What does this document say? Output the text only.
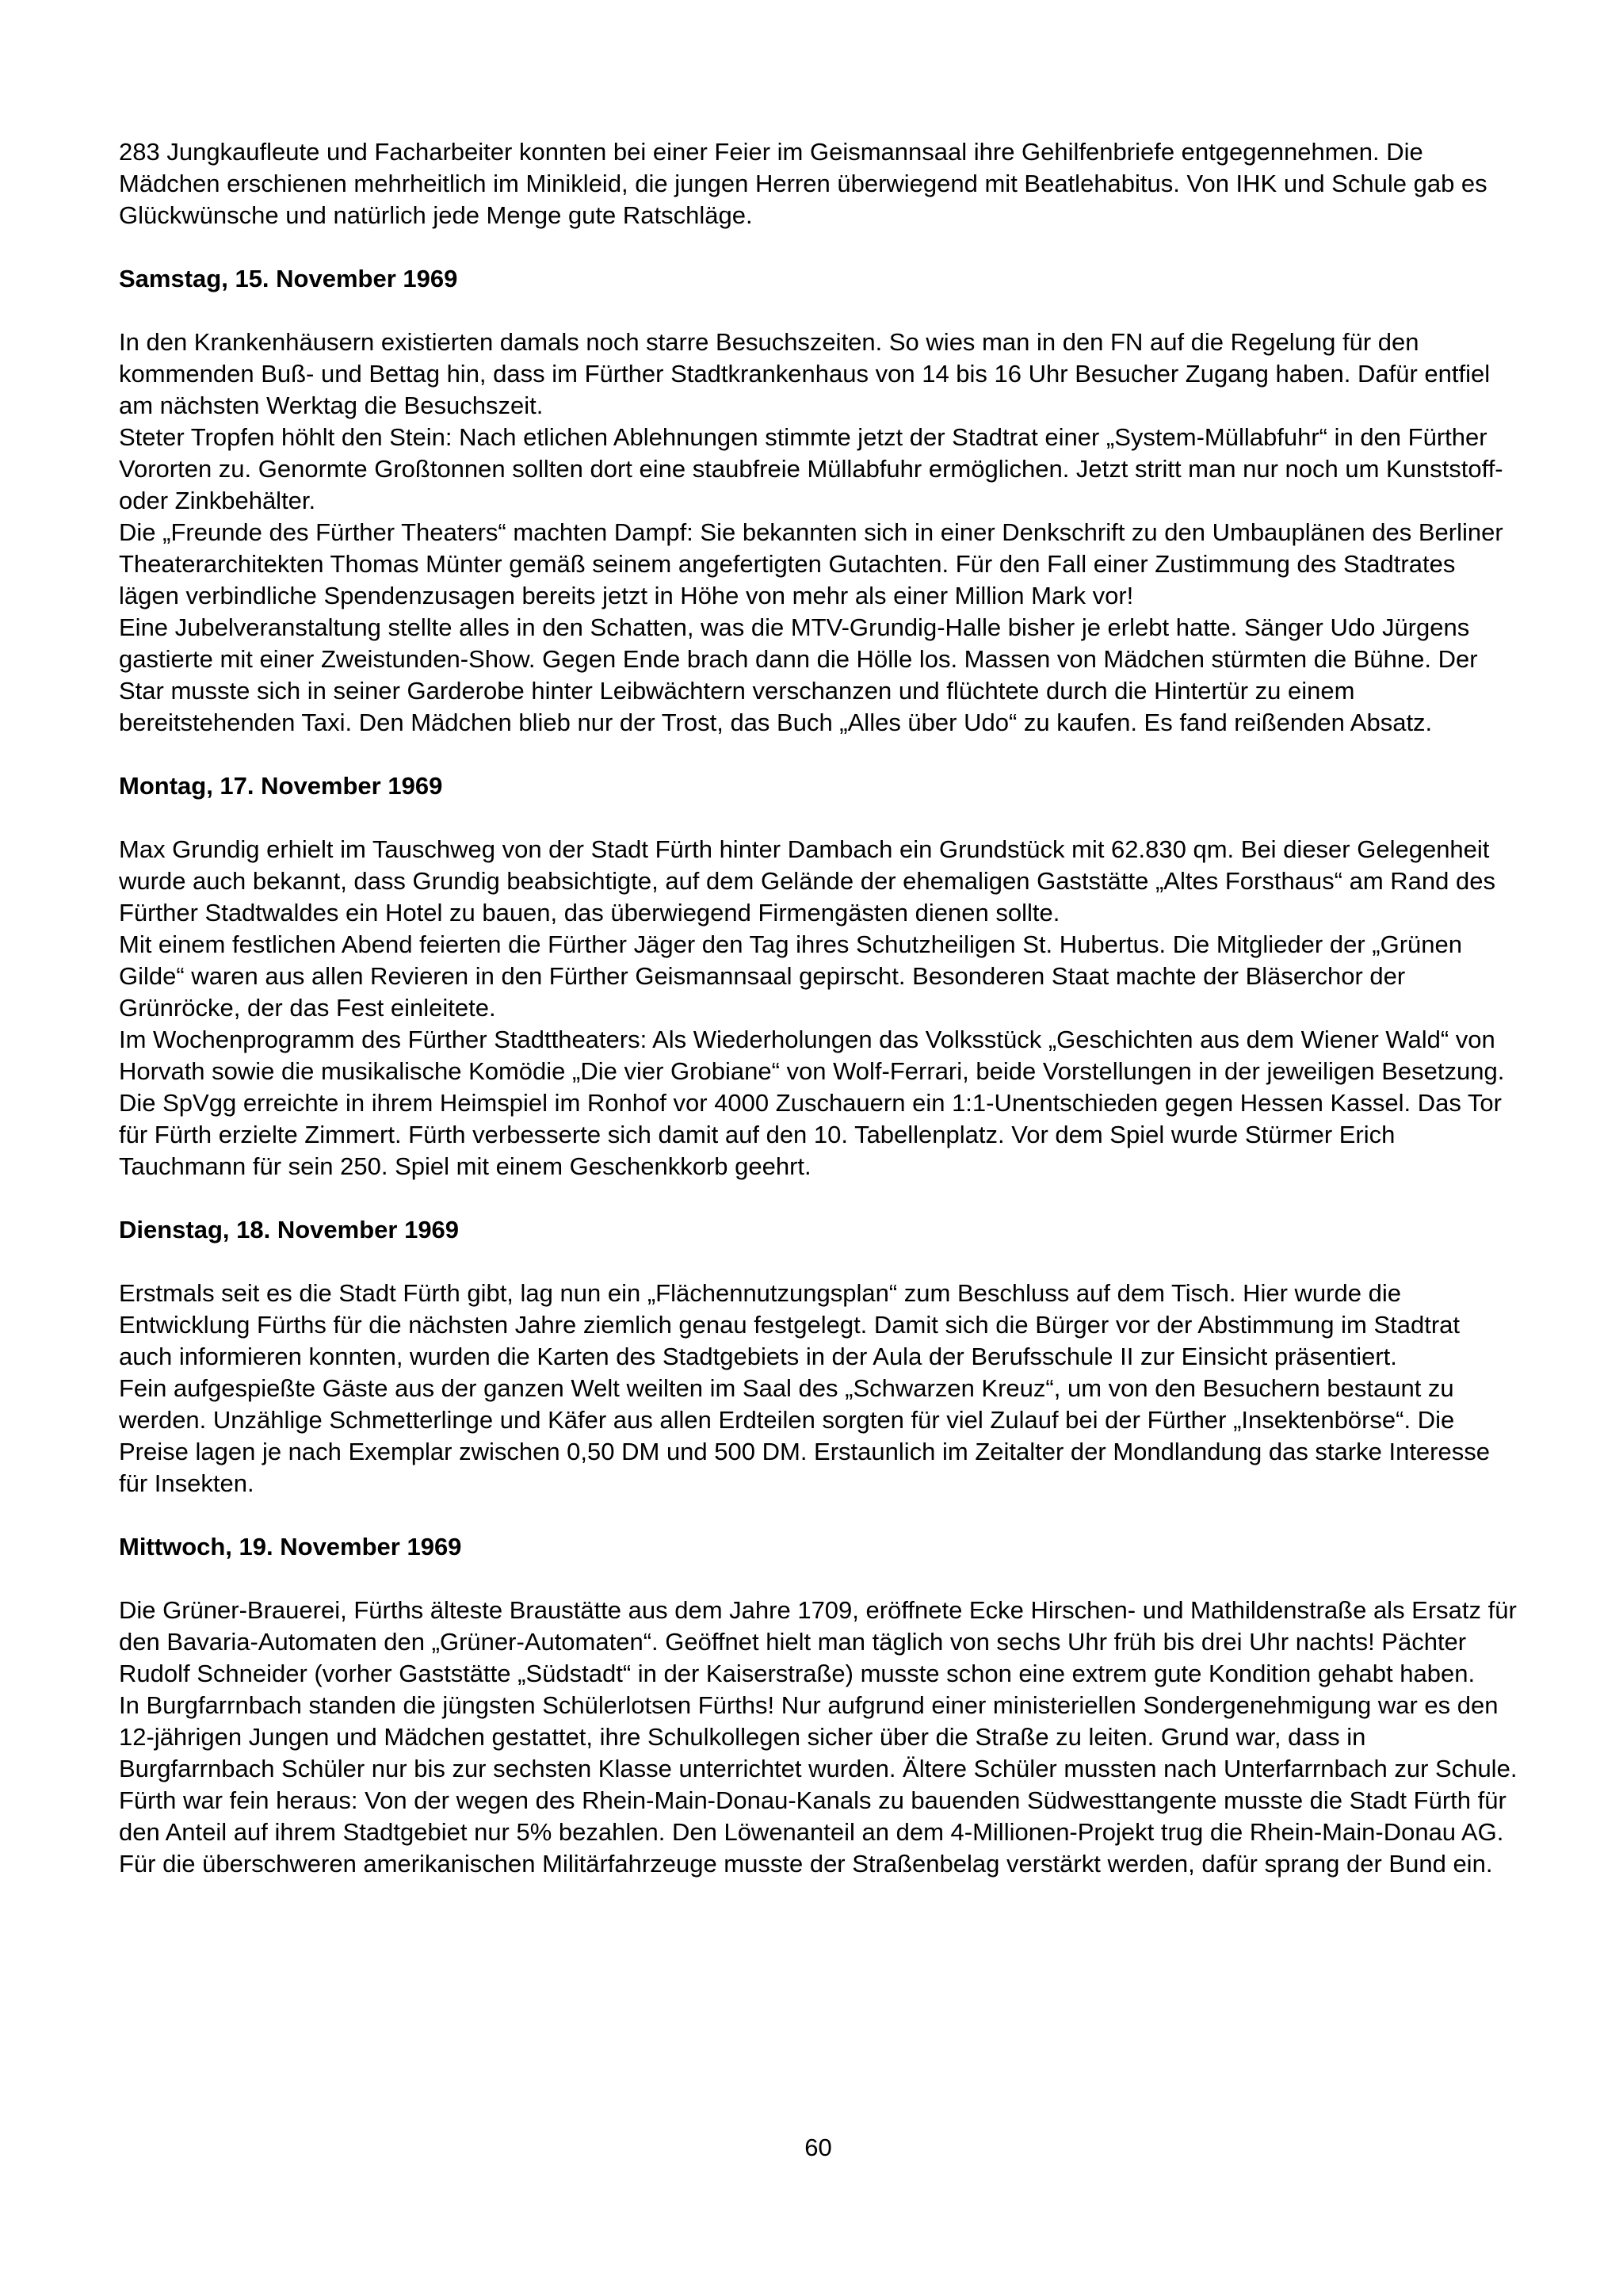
283 Jungkaufleute und Facharbeiter konnten bei einer Feier im Geismannsaal ihre Gehilfenbriefe entgegennehmen. Die Mädchen erschienen mehrheitlich im Minikleid, die jungen Herren überwiegend mit Beatlehabitus. Von IHK und Schule gab es Glückwünsche und natürlich jede Menge gute Ratschläge.

Samstag, 15. November 1969

In den Krankenhäusern existierten damals noch starre Besuchszeiten. So wies man in den FN auf die Regelung für den kommenden Buß- und Bettag hin, dass im Fürther Stadtkrankenhaus von 14 bis 16 Uhr Besucher Zugang haben. Dafür entfiel am nächsten Werktag die Besuchszeit.

Steter Tropfen höhlt den Stein: Nach etlichen Ablehnungen stimmte jetzt der Stadtrat einer „System-Müllabfuhr“ in den Fürther Vororten zu. Genormte Großtonnen sollten dort eine staubfreie Müllabfuhr ermöglichen. Jetzt stritt man nur noch um Kunststoff- oder Zinkbehälter.

Die „Freunde des Fürther Theaters“ machten Dampf: Sie bekannten sich in einer Denkschrift zu den Umbauplänen des Berliner Theaterarchitekten Thomas Münter gemäß seinem angefertigten Gutachten. Für den Fall einer Zustimmung des Stadtrates lägen verbindliche Spendenzusagen bereits jetzt in Höhe von mehr als einer Million Mark vor!

Eine Jubelveranstaltung stellte alles in den Schatten, was die MTV-Grundig-Halle bisher je erlebt hatte. Sänger Udo Jürgens gastierte mit einer Zweistunden-Show. Gegen Ende brach dann die Hölle los. Massen von Mädchen stürmten die Bühne. Der Star musste sich in seiner Garderobe hinter Leibwächtern verschanzen und flüchtete durch die Hintertür zu einem bereitstehenden Taxi. Den Mädchen blieb nur der Trost, das Buch „Alles über Udo“ zu kaufen. Es fand reißenden Absatz.

Montag, 17. November 1969

Max Grundig erhielt im Tauschweg von der Stadt Fürth hinter Dambach ein Grundstück mit 62.830 qm. Bei dieser Gelegenheit wurde auch bekannt, dass Grundig beabsichtigte, auf dem Gelände der ehemaligen Gaststätte „Altes Forsthaus“ am Rand des Fürther Stadtwaldes ein Hotel zu bauen, das überwiegend Firmengästen dienen sollte.

Mit einem festlichen Abend feierten die Fürther Jäger den Tag ihres Schutzheiligen St. Hubertus. Die Mitglieder der „Grünen Gilde“ waren aus allen Revieren in den Fürther Geismannsaal gepirscht. Besonderen Staat machte der Bläserchor der Grünröcke, der das Fest einleitete.

Im Wochenprogramm des Fürther Stadttheaters: Als Wiederholungen das Volksstück „Geschichten aus dem Wiener Wald“ von Horvath sowie die musikalische Komödie „Die vier Grobiane“ von Wolf-Ferrari, beide Vorstellungen in der jeweiligen Besetzung.

Die SpVgg erreichte in ihrem Heimspiel im Ronhof vor 4000 Zuschauern ein 1:1-Unentschieden gegen Hessen Kassel. Das Tor für Fürth erzielte Zimmert. Fürth verbesserte sich damit auf den 10. Tabellenplatz. Vor dem Spiel wurde Stürmer Erich Tauchmann für sein 250. Spiel mit einem Geschenkkorb geehrt.

Dienstag, 18. November 1969

Erstmals seit es die Stadt Fürth gibt, lag nun ein „Flächennutzungsplan“ zum Beschluss auf dem Tisch. Hier wurde die Entwicklung Fürths für die nächsten Jahre ziemlich genau festgelegt. Damit sich die Bürger vor der Abstimmung im Stadtrat auch informieren konnten, wurden die Karten des Stadtgebiets in der Aula der Berufsschule II zur Einsicht präsentiert.

Fein aufgespießte Gäste aus der ganzen Welt weilten im Saal des „Schwarzen Kreuz“, um von den Besuchern bestaunt zu werden. Unzählige Schmetterlinge und Käfer aus allen Erdteilen sorgten für viel Zulauf bei der Fürther „Insektenbörse“. Die Preise lagen je nach Exemplar zwischen 0,50 DM und 500 DM. Erstaunlich im Zeitalter der Mondlandung das starke Interesse für Insekten.

Mittwoch, 19. November 1969

Die Grüner-Brauerei, Fürths älteste Braustätte aus dem Jahre 1709, eröffnete Ecke Hirschen- und Mathildenstraße als Ersatz für den Bavaria-Automaten den „Grüner-Automaten“. Geöffnet hielt man täglich von sechs Uhr früh bis drei Uhr nachts! Pächter Rudolf Schneider (vorher Gaststätte „Südstadt“ in der Kaiserstraße) musste schon eine extrem gute Kondition gehabt haben.

In Burgfarrnbach standen die jüngsten Schülerlotsen Fürths! Nur aufgrund einer ministeriellen Sondergenehmigung war es den 12-jährigen Jungen und Mädchen gestattet, ihre Schulkollegen sicher über die Straße zu leiten. Grund war, dass in Burgfarrnbach Schüler nur bis zur sechsten Klasse unterrichtet wurden. Ältere Schüler mussten nach Unterfarrnbach zur Schule.

Fürth war fein heraus: Von der wegen des Rhein-Main-Donau-Kanals zu bauenden Südwesttangente musste die Stadt Fürth für den Anteil auf ihrem Stadtgebiet nur 5% bezahlen. Den Löwenanteil an dem 4-Millionen-Projekt trug die Rhein-Main-Donau AG. Für die überschweren amerikanischen Militärfahrzeuge musste der Straßenbelag verstärkt werden, dafür sprang der Bund ein.

60
